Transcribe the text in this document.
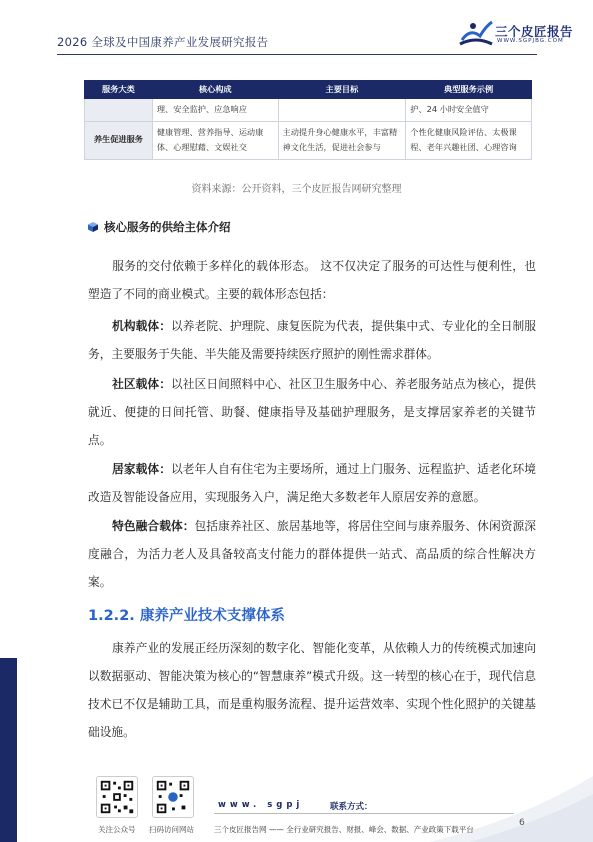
2026 全球及中国康养产业发展研究报告
三个皮匠报告
WWW.SGPJBG.COM
服务大类	核心构成	主要目标	典型服务示例
	理、安全监护、应急响应		护、24 小时安全值守
养生促进服务	健康管理、营养指导、运动康体、心理慰藉、文娱社交	主动提升身心健康水平，丰富精神文化生活，促进社会参与	个性化健康风险评估、太极课程、老年兴趣社团、心理咨询
资料来源：公开资料，三个皮匠报告网研究整理
核心服务的供给主体介绍
服务的交付依赖于多样化的载体形态。 这不仅决定了服务的可达性与便利性，也塑造了不同的商业模式。主要的载体形态包括：
机构载体：以养老院、护理院、康复医院为代表，提供集中式、专业化的全日制服务，主要服务于失能、半失能及需要持续医疗照护的刚性需求群体。
社区载体：以社区日间照料中心、社区卫生服务中心、养老服务站点为核心，提供就近、便捷的日间托管、助餐、健康指导及基础护理服务，是支撑居家养老的关键节点。
居家载体：以老年人自有住宅为主要场所，通过上门服务、远程监护、适老化环境改造及智能设备应用，实现服务入户，满足绝大多数老年人原居安养的意愿。
特色融合载体：包括康养社区、旅居基地等，将居住空间与康养服务、休闲资源深度融合，为活力老人及具备较高支付能力的群体提供一站式、高品质的综合性解决方案。
1.2.2. 康养产业技术支撑体系
康养产业的发展正经历深刻的数字化、智能化变革，从依赖人力的传统模式加速向以数据驱动、智能决策为核心的“智慧康养”模式升级。这一转型的核心在于，现代信息技术已不仅是辅助工具，而是重构服务流程、提升运营效率、实现个性化照护的关键基础设施。
关注公众号 扫码访问网站
www. sgpj	联系方式：
三个皮匠报告网 —— 全行业研究报告、财报、峰会、数据、产业政策下载平台
6
